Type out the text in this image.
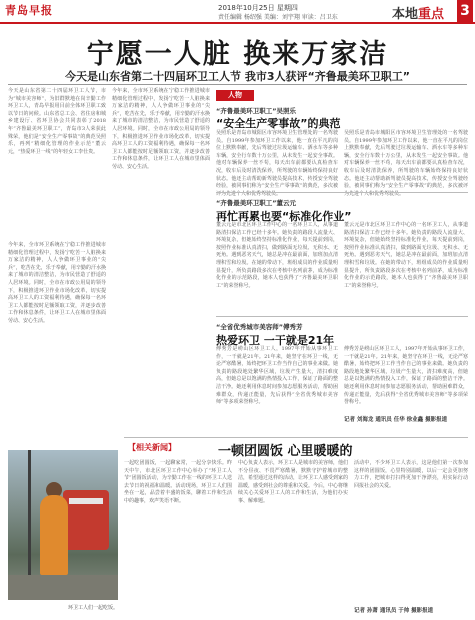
青岛早报	2018年10月25日 星期四
责任编辑 杨绍强 美编：刘宇翔 审读：吕卫东	本地重点 3
宁愿一人脏 换来万家洁
今天是山东省第二十四届环卫工人节 我市3人获评“齐鲁最美环卫职工”
今天是山东省第二十四届环卫工人节，市为“城市美容师”，为旧群默地在岗辛勤工作环卫工人，青岛早报用目前全体环卫职工致以节日的问候。山东省总工会、省住房和城乡建设厅、省环卫协会共同表彰了2018年“齐鲁最美环卫职工”，青岛市3人荣获此殊荣，他们是“安全生产零事故”的典范吴照乐，再列“精细化管理的作业示范”董云元，“热爱环卫一线”的年轻女工李仕贵。
今年来，全市环卫系统在宁稳工作推进城市精细化管理过程中，发扬宁吃苦一人脏换来万家洁的精神，人人争做环卫事业的“尖兵”，吃苦在先，乐于奉献，用辛勤的汗水换来了城市的清洁整洁，为市民营造了舒适的人居环境。同时，全市在市政公用局的领导下，积极推进环卫作业市场化改革，切实提高环卫工人的工资福利待遇，确保每一名环卫工人都能按时足额领取工资，并逐步改善工作和休息条件，让环卫工人在城市里体面劳动、安心生活。
今年来，全市环卫系统在宁稳工作推进城市精细化管理过程中，发扬宁吃苦一人脏换来万家洁的精神，人人争做环卫事业的“尖兵”，吃苦在先，乐于奉献，用辛勤的汗水换来了城市的清洁整洁，为市民营造了舒适的人居环境。同时，全市在市政公用局的领导下，积极推进环卫作业市场化改革，切实提高环卫工人的工资福利待遇，确保每一名环卫工人都能按时足额领取工资，并逐步改善工作和休息条件，让环卫工人在城市里体面劳动、安心生活。
人物
“齐鲁最美环卫职工”吴照乐
“安全生产零事故”的典范
吴照乐是青岛市城阳区市容环境卫生管理处的一名驾驶员。自1999年参加环卫工作以来，他一直在平凡的岗位上默默奉献，先后驾驶过垃圾运输车、洒水车等多种车辆，安全行车数十万公里，从未发生一起安全事故。他对车辆保养一丝不苟，每天出车前都要认真检查车况，收车后及时清洗保养，所驾驶的车辆始终保持良好状态。他还主动帮助新驾驶员提高技术，传授安全驾驶经验，被同事们称为“安全生产零事故”的典范，多次被评为先进个人和优秀驾驶员。
吴照乐是青岛市城阳区市容环境卫生管理处的一名驾驶员。自1999年参加环卫工作以来，他一直在平凡的岗位上默默奉献，先后驾驶过垃圾运输车、洒水车等多种车辆，安全行车数十万公里，从未发生一起安全事故。他对车辆保养一丝不苟，每天出车前都要认真检查车况，收车后及时清洗保养，所驾驶的车辆始终保持良好状态。他还主动帮助新驾驶员提高技术，传授安全驾驶经验，被同事们称为“安全生产零事故”的典范，多次被评为先进个人和优秀驾驶员。
“齐鲁最美环卫职工”董云元
再忙再累也要“标准化作业”
董云元是市北区环卫工作中心的一名环卫工人，从事道路清扫保洁工作已经十多年。她负责的路段人流量大、环境复杂，但她始终坚持标准化作业，每天提前到岗，按照作业标准认真清扫，做到路面无垃圾、无积水、无死角。遇到恶劣天气，她总是冲在最前面，加班加点清理积雪和垃圾。在她的带动下，班组成员的作业质量明显提升，所负责路段多次在考核中名列前茅，成为标准化作业的示范路段，她本人也获得了“齐鲁最美环卫职工”的荣誉称号。
董云元是市北区环卫工作中心的一名环卫工人，从事道路清扫保洁工作已经十多年。她负责的路段人流量大、环境复杂，但她始终坚持标准化作业，每天提前到岗，按照作业标准认真清扫，做到路面无垃圾、无积水、无死角。遇到恶劣天气，她总是冲在最前面，加班加点清理积雪和垃圾。在她的带动下，班组成员的作业质量明显提升，所负责路段多次在考核中名列前茅，成为标准化作业的示范路段，她本人也获得了“齐鲁最美环卫职工”的荣誉称号。
“全省优秀城市美容师”傅秀芳
热爱环卫 一干就是21年
傅秀芳是崂山区环卫工人，1997年开始从事环卫工作，一干就是21年。21年来，她坚守在环卫一线，无论严寒酷暑，始终把环卫工作当作自己的事业来做。她负责的路段地处繁华区域，垃圾产生量大，清扫难度高，但她总是以饱满的热情投入工作，保证了路面的整洁干净。她还利用休息时间参加志愿服务活动，帮助困难群众，传递正能量，先后获得“全省优秀城市美容师”等多项荣誉称号。
傅秀芳是崂山区环卫工人，1997年开始从事环卫工作，一干就是21年。21年来，她坚守在环卫一线，无论严寒酷暑，始终把环卫工作当作自己的事业来做。她负责的路段地处繁华区域，垃圾产生量大，清扫难度高，但她总是以饱满的热情投入工作，保证了路面的整洁干净。她还利用休息时间参加志愿服务活动，帮助困难群众，传递正能量，先后获得“全省优秀城市美容师”等多项荣誉称号。
记者 刘海龙 通讯员 任华 徐业鑫 摄影报道
【相关新闻】	一顿团圆饭 心里暖暖的
环卫工人们一起吃饭。
一起吃团圆饭，一起聊家常，一起分享快乐。昨天中午，市北区环卫工作中心举办了“环卫工人节”团圆饭活动，为辛勤工作在一线的环卫工人送去节日的祝福和温暖。活动现场，环卫工人们围坐在一起，品尝着丰盛的饭菜，聊着工作和生活中的趣事，欢声笑语不断。
中心负责人表示，环卫工人是城市的美容师，他们不分昼夜、不畏严寒酷暑，默默守护着城市的整洁，希望通过这样的活动，让环卫工人感受到家的温暖，感受到社会的尊重和关爱。今后，中心将继续关心关爱环卫工人的工作和生活，为他们办实事、解难题。
活动中，不少环卫工人表示，这是他们第一次参加这样的团圆饭，心里特别温暖，以后一定会更加努力工作，把城市打扫得更加干净漂亮，用实际行动回报社会的关爱。
记者 孙萧 通讯员 于帅 摄影报道
